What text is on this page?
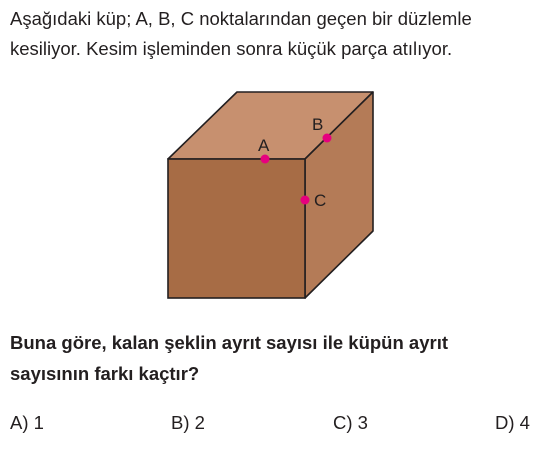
Aşağıdaki küp; A, B, C noktalarından geçen bir düzlemle
kesiliyor. Kesim işleminden sonra küçük parça atılıyor.
A
B
C
Buna göre, kalan şeklin ayrıt sayısı ile küpün ayrıt
sayısının farkı kaçtır?
A) 1	B) 2	C) 3	D) 4
